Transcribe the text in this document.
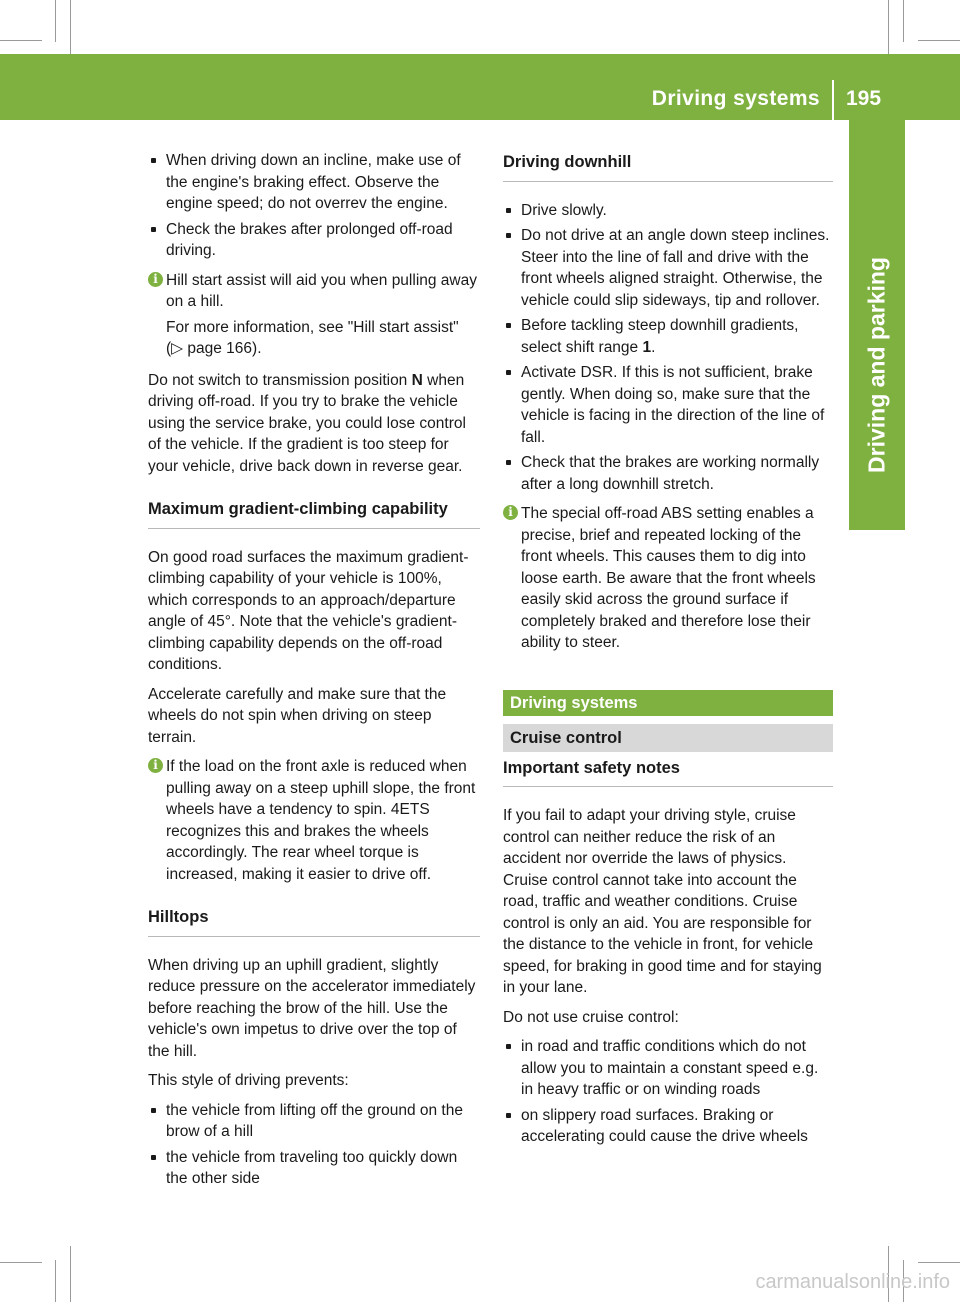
Driving systems 195
Driving and parking
When driving down an incline, make use of the engine's braking effect. Observe the engine speed; do not overrev the engine.
Check the brakes after prolonged off-road driving.
i Hill start assist will aid you when pulling away on a hill.

For more information, see "Hill start assist" (▷ page 166).

Do not switch to transmission position N when driving off-road. If you try to brake the vehicle using the service brake, you could lose control of the vehicle. If the gradient is too steep for your vehicle, drive back down in reverse gear.

Maximum gradient-climbing capability

On good road surfaces the maximum gradient-climbing capability of your vehicle is 100%, which corresponds to an approach/departure angle of 45°. Note that the vehicle's gradient-climbing capability depends on the off-road conditions.

Accelerate carefully and make sure that the wheels do not spin when driving on steep terrain.

i If the load on the front axle is reduced when pulling away on a steep uphill slope, the front wheels have a tendency to spin. 4ETS recognizes this and brakes the wheels accordingly. The rear wheel torque is increased, making it easier to drive off.

Hilltops

When driving up an uphill gradient, slightly reduce pressure on the accelerator immediately before reaching the brow of the hill. Use the vehicle's own impetus to drive over the top of the hill.

This style of driving prevents:

the vehicle from lifting off the ground on the brow of a hill
the vehicle from traveling too quickly down the other side
Driving downhill
Drive slowly.
Do not drive at an angle down steep inclines. Steer into the line of fall and drive with the front wheels aligned straight. Otherwise, the vehicle could slip sideways, tip and rollover.
Before tackling steep downhill gradients, select shift range 1.
Activate DSR. If this is not sufficient, brake gently. When doing so, make sure that the vehicle is facing in the direction of the line of fall.
Check that the brakes are working normally after a long downhill stretch.
i The special off-road ABS setting enables a precise, brief and repeated locking of the front wheels. This causes them to dig into loose earth. Be aware that the front wheels easily skid across the ground surface if completely braked and therefore lose their ability to steer.

Driving systems
Cruise control
Important safety notes

If you fail to adapt your driving style, cruise control can neither reduce the risk of an accident nor override the laws of physics. Cruise control cannot take into account the road, traffic and weather conditions. Cruise control is only an aid. You are responsible for the distance to the vehicle in front, for vehicle speed, for braking in good time and for staying in your lane.

Do not use cruise control:

in road and traffic conditions which do not allow you to maintain a constant speed e.g. in heavy traffic or on winding roads
on slippery road surfaces. Braking or accelerating could cause the drive wheels
carmanualsonline.info
